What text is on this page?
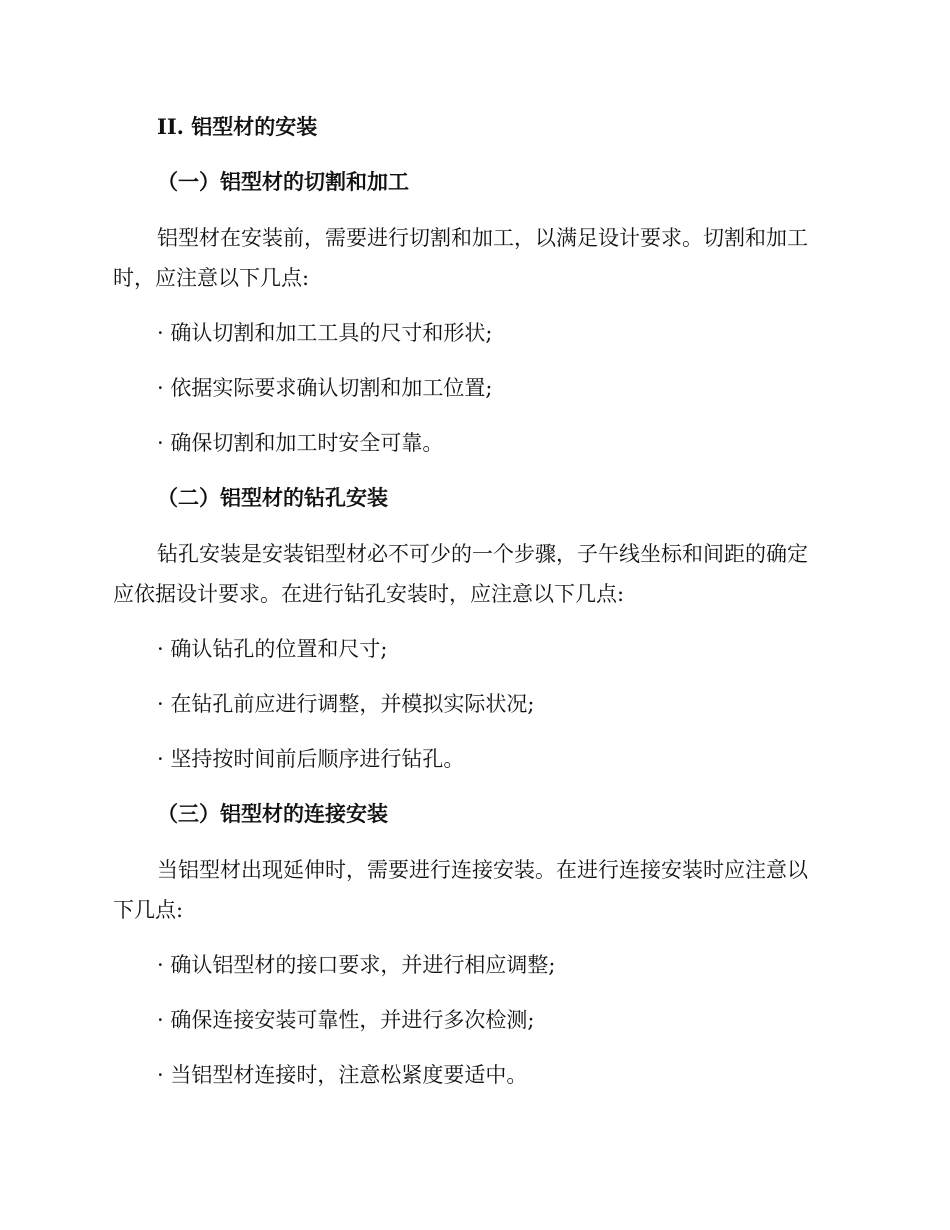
II. 铝型材的安装
（一）铝型材的切割和加工
铝型材在安装前，需要进行切割和加工，以满足设计要求。切割和加工
时，应注意以下几点:
· 确认切割和加工工具的尺寸和形状;
· 依据实际要求确认切割和加工位置;
· 确保切割和加工时安全可靠。
（二）铝型材的钻孔安装
钻孔安装是安装铝型材必不可少的一个步骤，子午线坐标和间距的确定
应依据设计要求。在进行钻孔安装时，应注意以下几点:
· 确认钻孔的位置和尺寸;
· 在钻孔前应进行调整，并模拟实际状况;
· 坚持按时间前后顺序进行钻孔。
（三）铝型材的连接安装
当铝型材出现延伸时，需要进行连接安装。在进行连接安装时应注意以
下几点:
· 确认铝型材的接口要求，并进行相应调整;
· 确保连接安装可靠性，并进行多次检测;
· 当铝型材连接时，注意松紧度要适中。
